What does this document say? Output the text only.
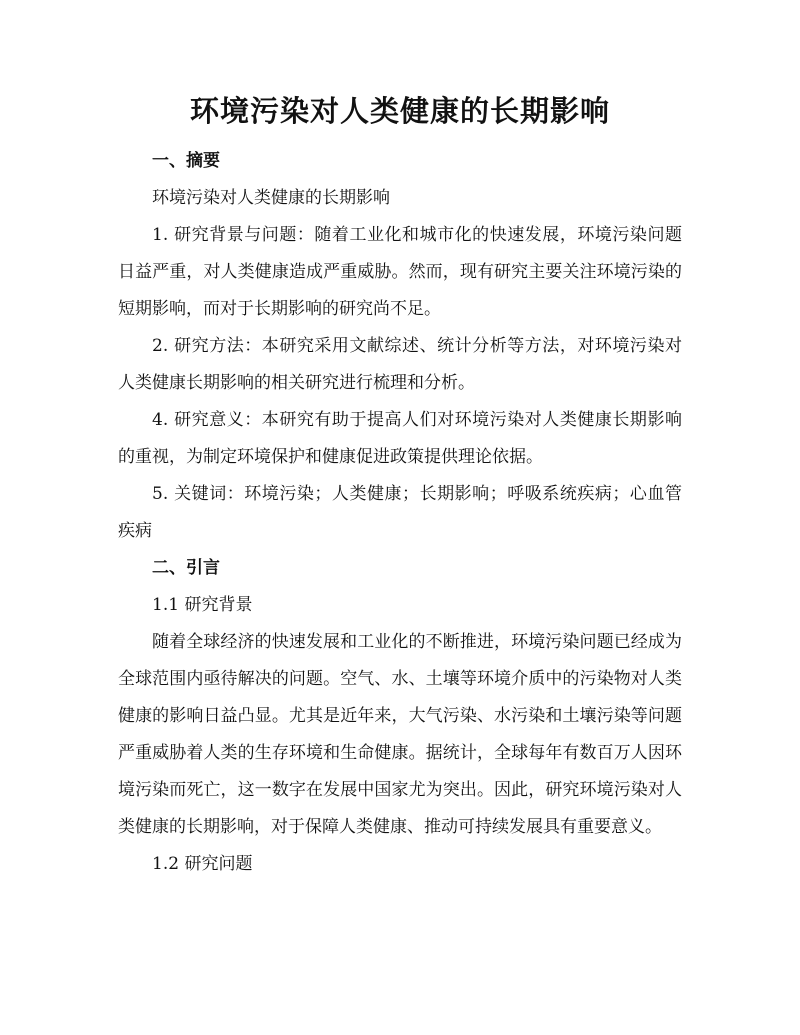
环境污染对人类健康的长期影响

一、摘要

环境污染对人类健康的长期影响

1. 研究背景与问题：随着工业化和城市化的快速发展，环境污染问题日益严重，对人类健康造成严重威胁。然而，现有研究主要关注环境污染的短期影响，而对于长期影响的研究尚不足。

2. 研究方法：本研究采用文献综述、统计分析等方法，对环境污染对人类健康长期影响的相关研究进行梳理和分析。

4. 研究意义：本研究有助于提高人们对环境污染对人类健康长期影响的重视，为制定环境保护和健康促进政策提供理论依据。

5. 关键词：环境污染；人类健康；长期影响；呼吸系统疾病；心血管疾病

二、引言

1.1 研究背景

随着全球经济的快速发展和工业化的不断推进，环境污染问题已经成为全球范围内亟待解决的问题。空气、水、土壤等环境介质中的污染物对人类健康的影响日益凸显。尤其是近年来，大气污染、水污染和土壤污染等问题严重威胁着人类的生存环境和生命健康。据统计，全球每年有数百万人因环境污染而死亡，这一数字在发展中国家尤为突出。因此，研究环境污染对人类健康的长期影响，对于保障人类健康、推动可持续发展具有重要意义。

1.2 研究问题
